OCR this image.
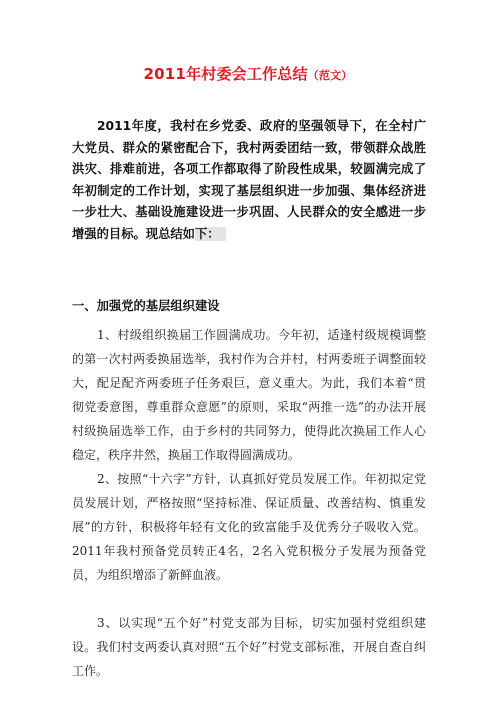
2011年村委会工作总结（范文）

2011年度，我村在乡党委、政府的坚强领导下，在全村广大党员、群众的紧密配合下，我村两委团结一致，带领群众战胜洪灾、排难前进，各项工作都取得了阶段性成果，较圆满完成了年初制定的工作计划，实现了基层组织进一步加强、集体经济进一步壮大、基础设施建设进一步巩固、人民群众的安全感进一步增强的目标。现总结如下：

一、加强党的基层组织建设

1、村级组织换届工作圆满成功。今年初，适逢村级规模调整的第一次村两委换届选举，我村作为合并村，村两委班子调整面较大，配足配齐两委班子任务艰巨，意义重大。为此，我们本着“贯彻党委意图，尊重群众意愿”的原则，采取“两推一选”的办法开展村级换届选举工作，由于乡村的共同努力，使得此次换届工作人心稳定，秩序井然，换届工作取得圆满成功。

2、按照“十六字”方针，认真抓好党员发展工作。年初拟定党员发展计划，严格按照“坚持标准、保证质量、改善结构、慎重发展”的方针，积极将年轻有文化的致富能手及优秀分子吸收入党。2011年我村预备党员转正4名，2名入党积极分子发展为预备党员，为组织增添了新鲜血液。

3、以实现“五个好”村党支部为目标，切实加强村党组织建设。我们村支两委认真对照“五个好”村党支部标准，开展自查自纠工作。
